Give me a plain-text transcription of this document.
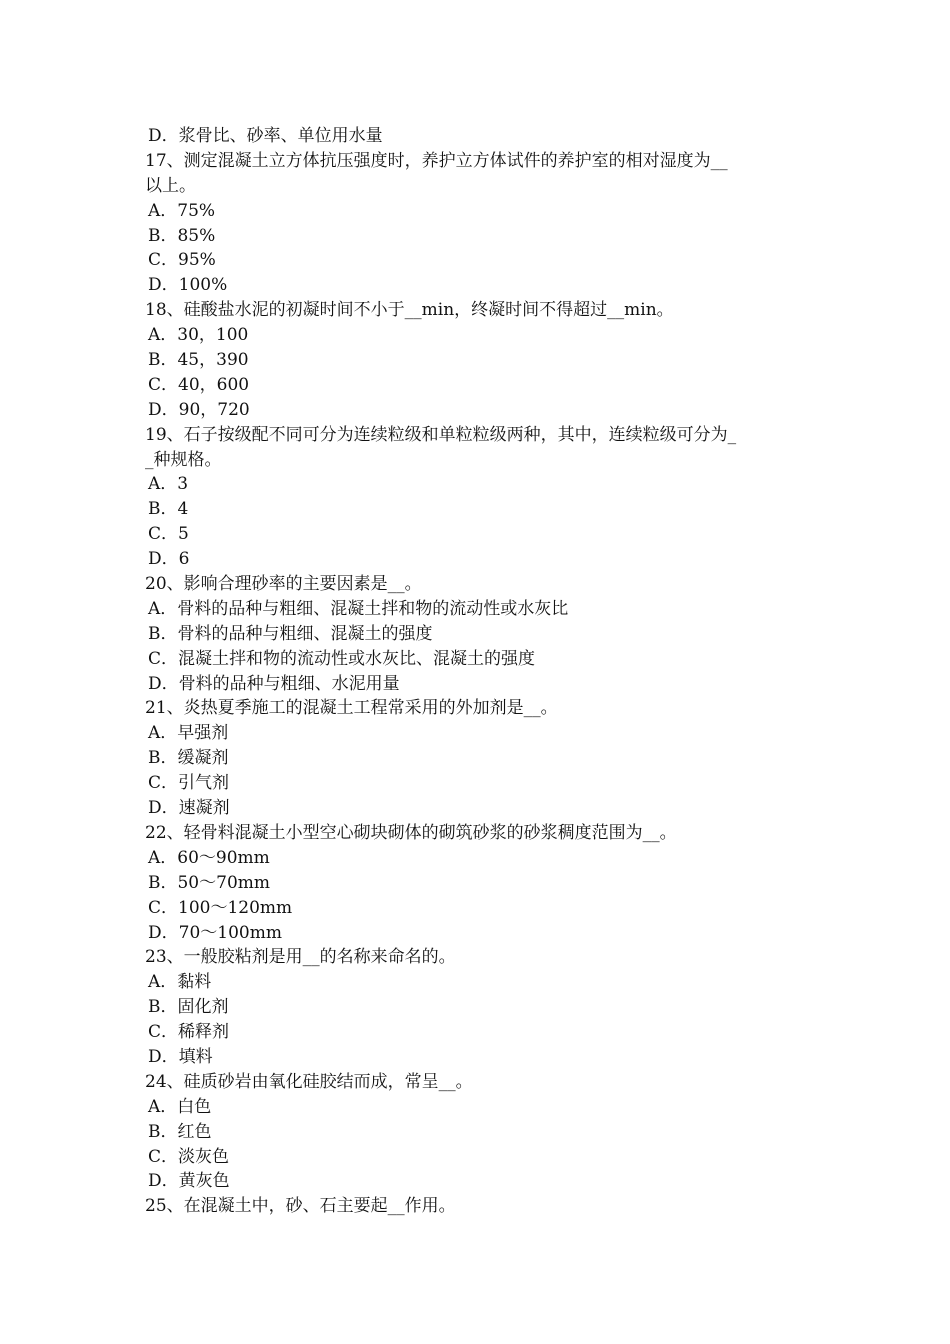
D．浆骨比、砂率、单位用水量
17、测定混凝土立方体抗压强度时，养护立方体试件的养护室的相对湿度为__
以上。
A．75%
B．85%
C．95%
D．100%
18、硅酸盐水泥的初凝时间不小于__min，终凝时间不得超过__min。
A．30，100
B．45，390
C．40，600
D．90，720
19、石子按级配不同可分为连续粒级和单粒粒级两种，其中，连续粒级可分为_
_种规格。
A．3
B．4
C．5
D．6
20、影响合理砂率的主要因素是__。
A．骨料的品种与粗细、混凝土拌和物的流动性或水灰比
B．骨料的品种与粗细、混凝土的强度
C．混凝土拌和物的流动性或水灰比、混凝土的强度
D．骨料的品种与粗细、水泥用量
21、炎热夏季施工的混凝土工程常采用的外加剂是__。
A．早强剂
B．缓凝剂
C．引气剂
D．速凝剂
22、轻骨料混凝土小型空心砌块砌体的砌筑砂浆的砂浆稠度范围为__。
A．60～90mm
B．50～70mm
C．100～120mm
D．70～100mm
23、一般胶粘剂是用__的名称来命名的。
A．黏料
B．固化剂
C．稀释剂
D．填料
24、硅质砂岩由氧化硅胶结而成，常呈__。
A．白色
B．红色
C．淡灰色
D．黄灰色
25、在混凝土中，砂、石主要起__作用。
